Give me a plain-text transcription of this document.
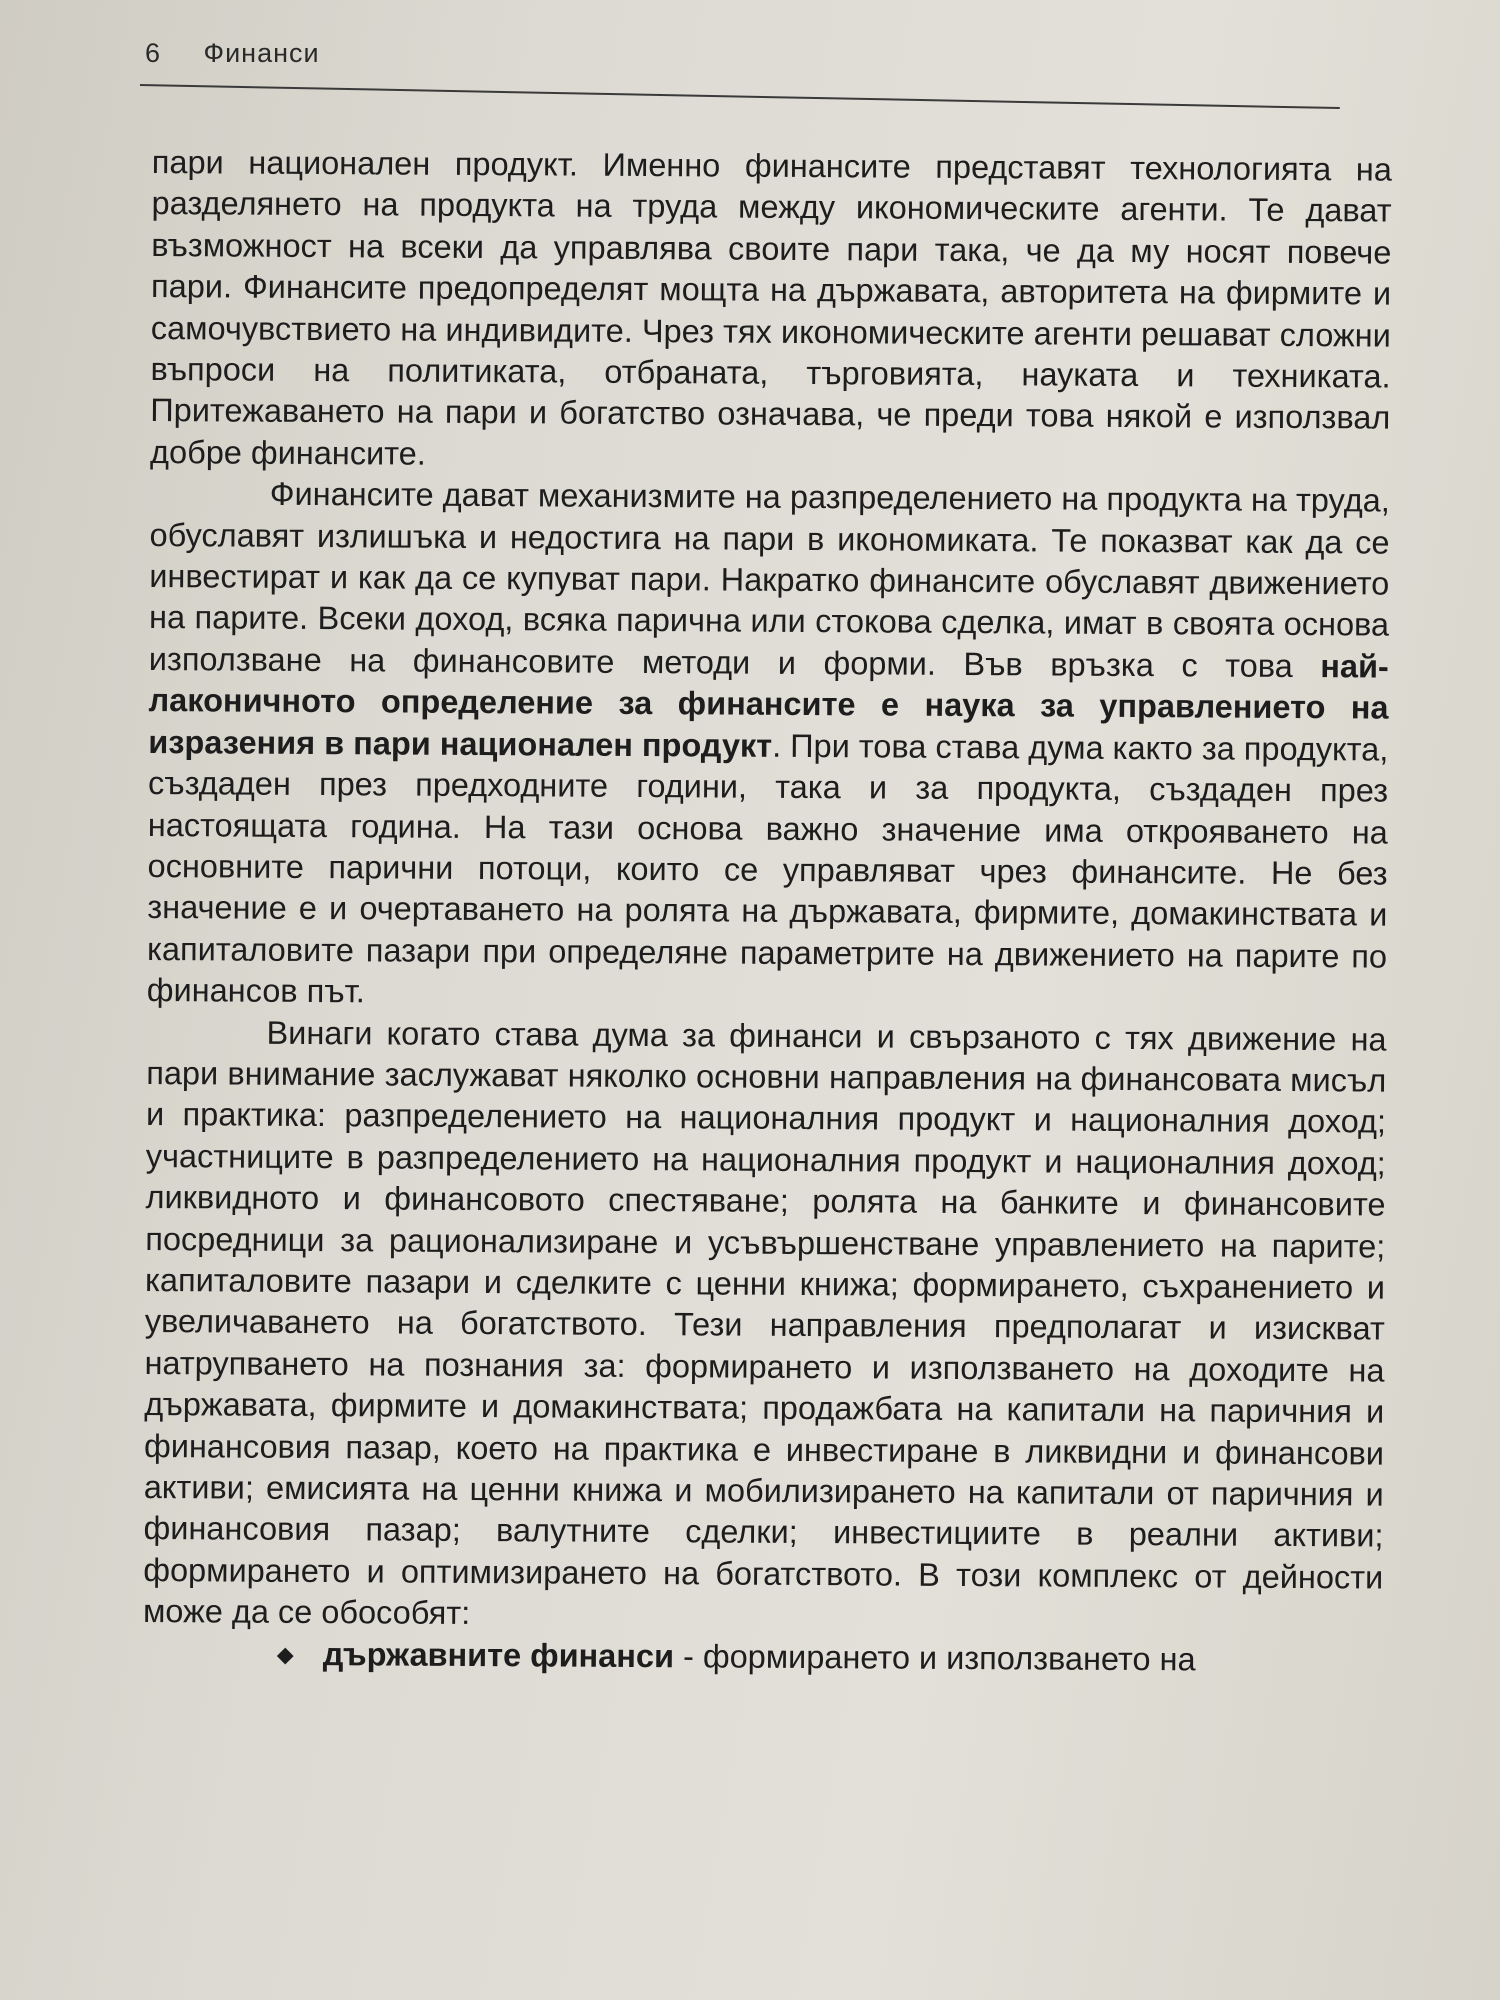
6 Финанси

пари национален продукт. Именно финансите представят технологията на разделянето на продукта на труда между икономическите агенти. Те дават възможност на всеки да управлява своите пари така, че да му носят повече пари. Финансите предопределят мощта на държавата, авторитета на фирмите и самочувствието на индивидите. Чрез тях икономическите агенти решават сложни въпроси на политиката, отбраната, търговията, науката и техниката. Притежаването на пари и богатство означава, че преди това някой е използвал добре финансите.

Финансите дават механизмите на разпределението на продукта на труда, обуславят излишъка и недостига на пари в икономиката. Те показват как да се инвестират и как да се купуват пари. Накратко финансите обуславят движението на парите. Всеки доход, всяка парична или стокова сделка, имат в своята основа използване на финансовите методи и форми. Във връзка с това най-лаконичното определение за финансите е наука за управлението на изразения в пари национален продукт. При това става дума както за продукта, създаден през предходните години, така и за продукта, създаден през настоящата година. На тази основа важно значение има открояването на основните парични потоци, които се управляват чрез финансите. Не без значение е и очертаването на ролята на държавата, фирмите, домакинствата и капиталовите пазари при определяне параметрите на движението на парите по финансов път.

Винаги когато става дума за финанси и свързаното с тях движение на пари внимание заслужават няколко основни направления на финансовата мисъл и практика: разпределението на националния продукт и националния доход; участниците в разпределението на националния продукт и националния доход; ликвидното и финансовото спестяване; ролята на банките и финансовите посредници за рационализиране и усъвършенстване управлението на парите; капиталовите пазари и сделките с ценни книжа; формирането, съхранението и увеличаването на богатството. Тези направления предполагат и изискват натрупването на познания за: формирането и използването на доходите на държавата, фирмите и домакинствата; продажбата на капитали на паричния и финансовия пазар, което на практика е инвестиране в ликвидни и финансови активи; емисията на ценни книжа и мобилизирането на капитали от паричния и финансовия пазар; валутните сделки; инвестициите в реални активи; формирането и оптимизирането на богатството. В този комплекс от дейности може да се обособят:

◆ държавните финанси - формирането и използването на
